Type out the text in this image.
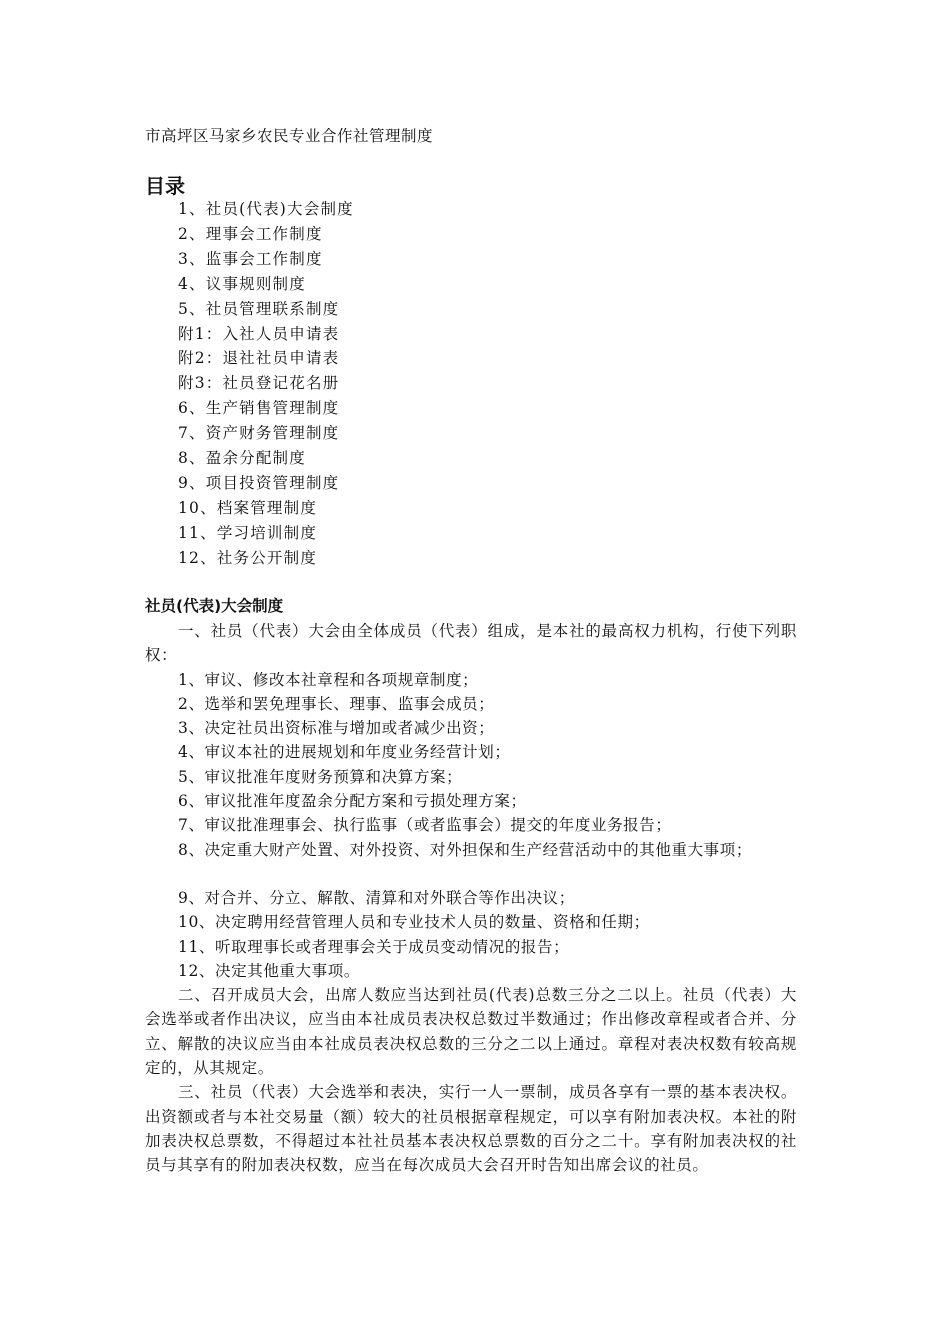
市高坪区马家乡农民专业合作社管理制度
目录
1、社员(代表)大会制度
2、理事会工作制度
3、监事会工作制度
4、议事规则制度
5、社员管理联系制度
附1：入社人员申请表
附2：退社社员申请表
附3：社员登记花名册
6、生产销售管理制度
7、资产财务管理制度
8、盈余分配制度
9、项目投资管理制度
10、档案管理制度
11、学习培训制度
12、社务公开制度
社员(代表)大会制度

一、社员（代表）大会由全体成员（代表）组成，是本社的最高权力机构，行使下列职权：

1、审议、修改本社章程和各项规章制度；

2、选举和罢免理事长、理事、监事会成员；

3、决定社员出资标准与增加或者减少出资；

4、审议本社的进展规划和年度业务经营计划；

5、审议批准年度财务预算和决算方案；

6、审议批准年度盈余分配方案和亏损处理方案；

7、审议批准理事会、执行监事（或者监事会）提交的年度业务报告；

8、决定重大财产处置、对外投资、对外担保和生产经营活动中的其他重大事项；

9、对合并、分立、解散、清算和对外联合等作出决议；

10、决定聘用经营管理人员和专业技术人员的数量、资格和任期；

11、听取理事长或者理事会关于成员变动情况的报告；

12、决定其他重大事项。

二、召开成员大会，出席人数应当达到社员(代表)总数三分之二以上。社员（代表）大会选举或者作出决议，应当由本社成员表决权总数过半数通过；作出修改章程或者合并、分立、解散的决议应当由本社成员表决权总数的三分之二以上通过。章程对表决权数有较高规定的，从其规定。

三、社员（代表）大会选举和表决，实行一人一票制，成员各享有一票的基本表决权。出资额或者与本社交易量（额）较大的社员根据章程规定，可以享有附加表决权。本社的附加表决权总票数，不得超过本社社员基本表决权总票数的百分之二十。享有附加表决权的社员与其享有的附加表决权数，应当在每次成员大会召开时告知出席会议的社员。
